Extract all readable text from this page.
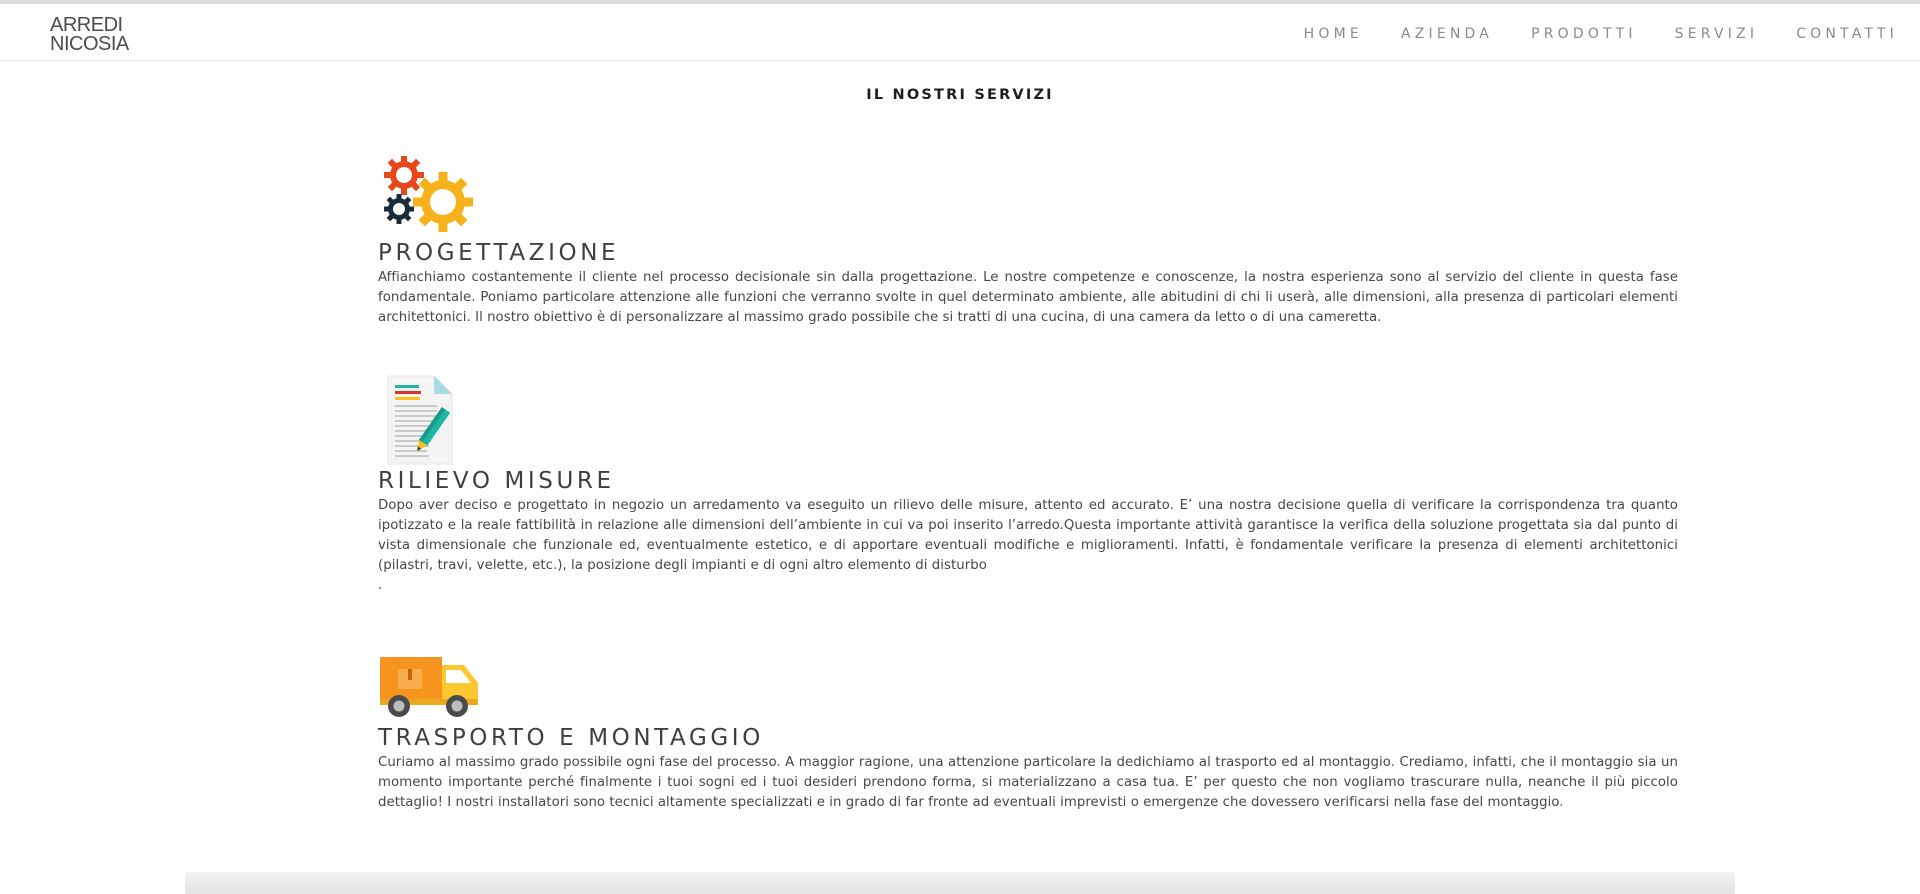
ARREDI
NICOSIA	HOME	AZIENDA	PRODOTTI	SERVIZI	CONTATTI
IL NOSTRI SERVIZI
PROGETTAZIONE

Affianchiamo costantemente il cliente nel processo decisionale sin dalla progettazione. Le nostre competenze e conoscenze, la nostra esperienza sono al servizio del cliente in questa fase fondamentale. Poniamo particolare attenzione alle funzioni che verranno svolte in quel determinato ambiente, alle abitudini di chi li userà, alle dimensioni, alla presenza di particolari elementi architettonici. Il nostro obiettivo è di personalizzare al massimo grado possibile che si tratti di una cucina, di una camera da letto o di una cameretta.

RILIEVO MISURE

Dopo aver deciso e progettato in negozio un arredamento va eseguito un rilievo delle misure, attento ed accurato. E’ una nostra decisione quella di verificare la corrispondenza tra quanto ipotizzato e la reale fattibilità in relazione alle dimensioni dell’ambiente in cui va poi inserito l’arredo.Questa importante attività garantisce la verifica della soluzione progettata sia dal punto di vista dimensionale che funzionale ed, eventualmente estetico, e di apportare eventuali modifiche e miglioramenti. Infatti, è fondamentale verificare la presenza di elementi architettonici (pilastri, travi, velette, etc.), la posizione degli impianti e di ogni altro elemento di disturbo

.

TRASPORTO E MONTAGGIO

Curiamo al massimo grado possibile ogni fase del processo. A maggior ragione, una attenzione particolare la dedichiamo al trasporto ed al montaggio. Crediamo, infatti, che il montaggio sia un momento importante perché finalmente i tuoi sogni ed i tuoi desideri prendono forma, si materializzano a casa tua. E’ per questo che non vogliamo trascurare nulla, neanche il più piccolo dettaglio! I nostri installatori sono tecnici altamente specializzati e in grado di far fronte ad eventuali imprevisti o emergenze che dovessero verificarsi nella fase del montaggio.
